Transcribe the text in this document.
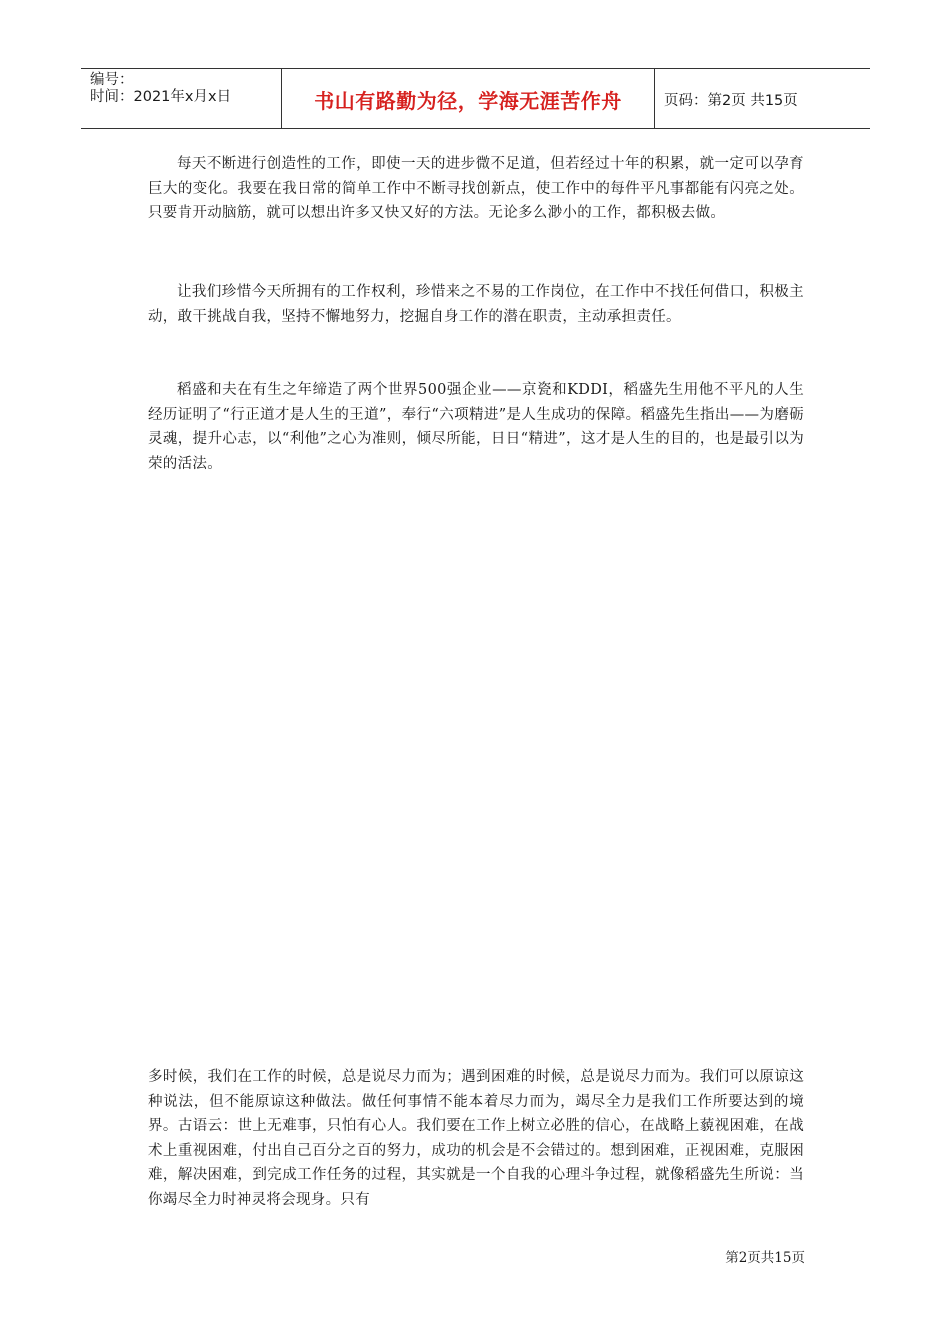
编号：
时间：2021年x月x日	书山有路勤为径，学海无涯苦作舟	页码：第2页 共15页

每天不断进行创造性的工作，即使一天的进步微不足道，但若经过十年的积累，就一定可以孕育巨大的变化。我要在我日常的简单工作中不断寻找创新点，使工作中的每件平凡事都能有闪亮之处。只要肯开动脑筋，就可以想出许多又快又好的方法。无论多么渺小的工作，都积极去做。

让我们珍惜今天所拥有的工作权利，珍惜来之不易的工作岗位，在工作中不找任何借口，积极主动，敢干挑战自我，坚持不懈地努力，挖掘自身工作的潜在职责，主动承担责任。

稻盛和夫在有生之年缔造了两个世界500强企业——京瓷和KDDI，稻盛先生用他不平凡的人生经历证明了“行正道才是人生的王道”，奉行“六项精进”是人生成功的保障。稻盛先生指出——为磨砺灵魂，提升心志，以“利他”之心为准则，倾尽所能，日日“精进”，这才是人生的目的，也是最引以为荣的活法。

多时候，我们在工作的时候，总是说尽力而为；遇到困难的时候，总是说尽力而为。我们可以原谅这种说法，但不能原谅这种做法。做任何事情不能本着尽力而为，竭尽全力是我们工作所要达到的境界。古语云：世上无难事，只怕有心人。我们要在工作上树立必胜的信心，在战略上藐视困难，在战术上重视困难，付出自己百分之百的努力，成功的机会是不会错过的。想到困难，正视困难，克服困难，解决困难，到完成工作任务的过程，其实就是一个自我的心理斗争过程，就像稻盛先生所说：当你竭尽全力时神灵将会现身。只有

第2页共15页
